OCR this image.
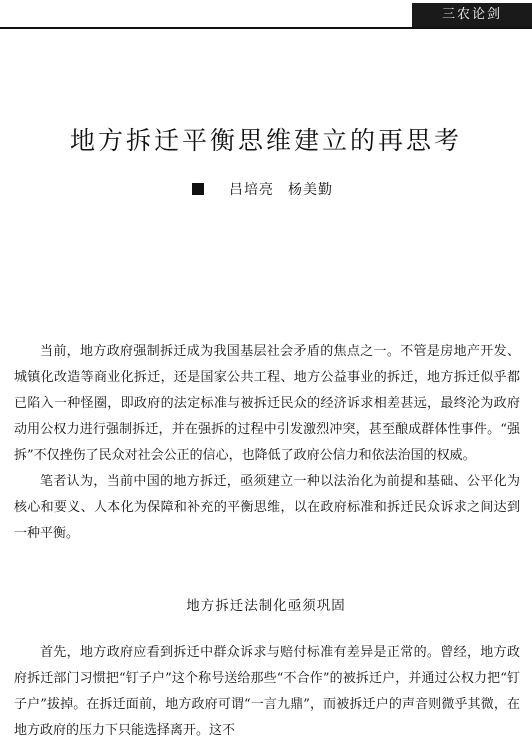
三农论剑
地方拆迁平衡思维建立的再思考
吕培亮 杨美勤

当前，地方政府强制拆迁成为我国基层社会矛盾的焦点之一。不管是房地产开发、城镇化改造等商业化拆迁，还是国家公共工程、地方公益事业的拆迁，地方拆迁似乎都已陷入一种怪圈，即政府的法定标准与被拆迁民众的经济诉求相差甚远，最终沦为政府动用公权力进行强制拆迁，并在强拆的过程中引发激烈冲突，甚至酿成群体性事件。“强拆”不仅挫伤了民众对社会公正的信心，也降低了政府公信力和依法治国的权威。

笔者认为，当前中国的地方拆迁，亟须建立一种以法治化为前提和基础、公平化为核心和要义、人本化为保障和补充的平衡思维，以在政府标准和拆迁民众诉求之间达到一种平衡。

地方拆迁法制化亟须巩固

首先，地方政府应看到拆迁中群众诉求与赔付标准有差异是正常的。曾经，地方政府拆迁部门习惯把“钉子户”这个称号送给那些“不合作”的被拆迁户，并通过公权力把“钉子户”拔掉。在拆迁面前，地方政府可谓“一言九鼎”，而被拆迁户的声音则微乎其微，在地方政府的压力下只能选择离开。这不
